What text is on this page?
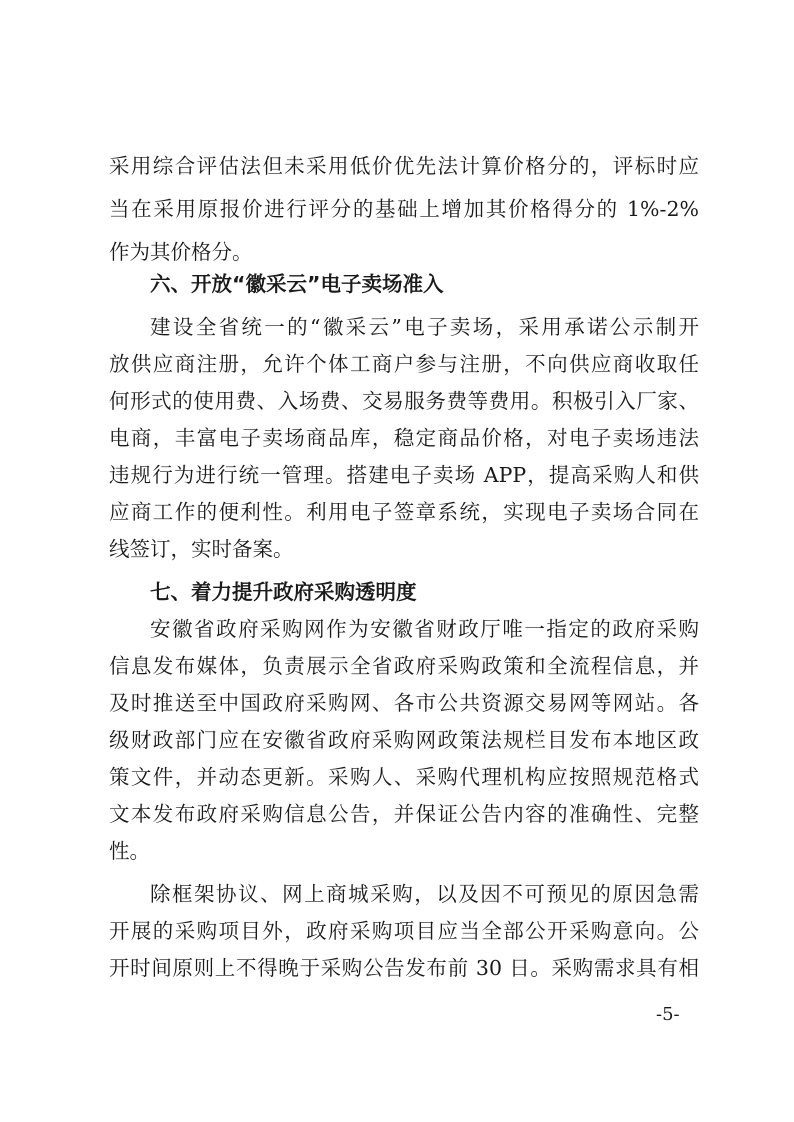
采用综合评估法但未采用低价优先法计算价格分的，评标时应
当在采用原报价进行评分的基础上增加其价格得分的 1%-2%
作为其价格分。
六、开放“徽采云”电子卖场准入
建设全省统一的“徽采云”电子卖场，采用承诺公示制开
放供应商注册，允许个体工商户参与注册，不向供应商收取任
何形式的使用费、入场费、交易服务费等费用。积极引入厂家、
电商，丰富电子卖场商品库，稳定商品价格，对电子卖场违法
违规行为进行统一管理。搭建电子卖场 APP，提高采购人和供
应商工作的便利性。利用电子签章系统，实现电子卖场合同在
线签订，实时备案。
七、着力提升政府采购透明度
安徽省政府采购网作为安徽省财政厅唯一指定的政府采购
信息发布媒体，负责展示全省政府采购政策和全流程信息，并
及时推送至中国政府采购网、各市公共资源交易网等网站。各
级财政部门应在安徽省政府采购网政策法规栏目发布本地区政
策文件，并动态更新。采购人、采购代理机构应按照规范格式
文本发布政府采购信息公告，并保证公告内容的准确性、完整
性。
除框架协议、网上商城采购，以及因不可预见的原因急需
开展的采购项目外，政府采购项目应当全部公开采购意向。公
开时间原则上不得晚于采购公告发布前 30 日。采购需求具有相
-5-
